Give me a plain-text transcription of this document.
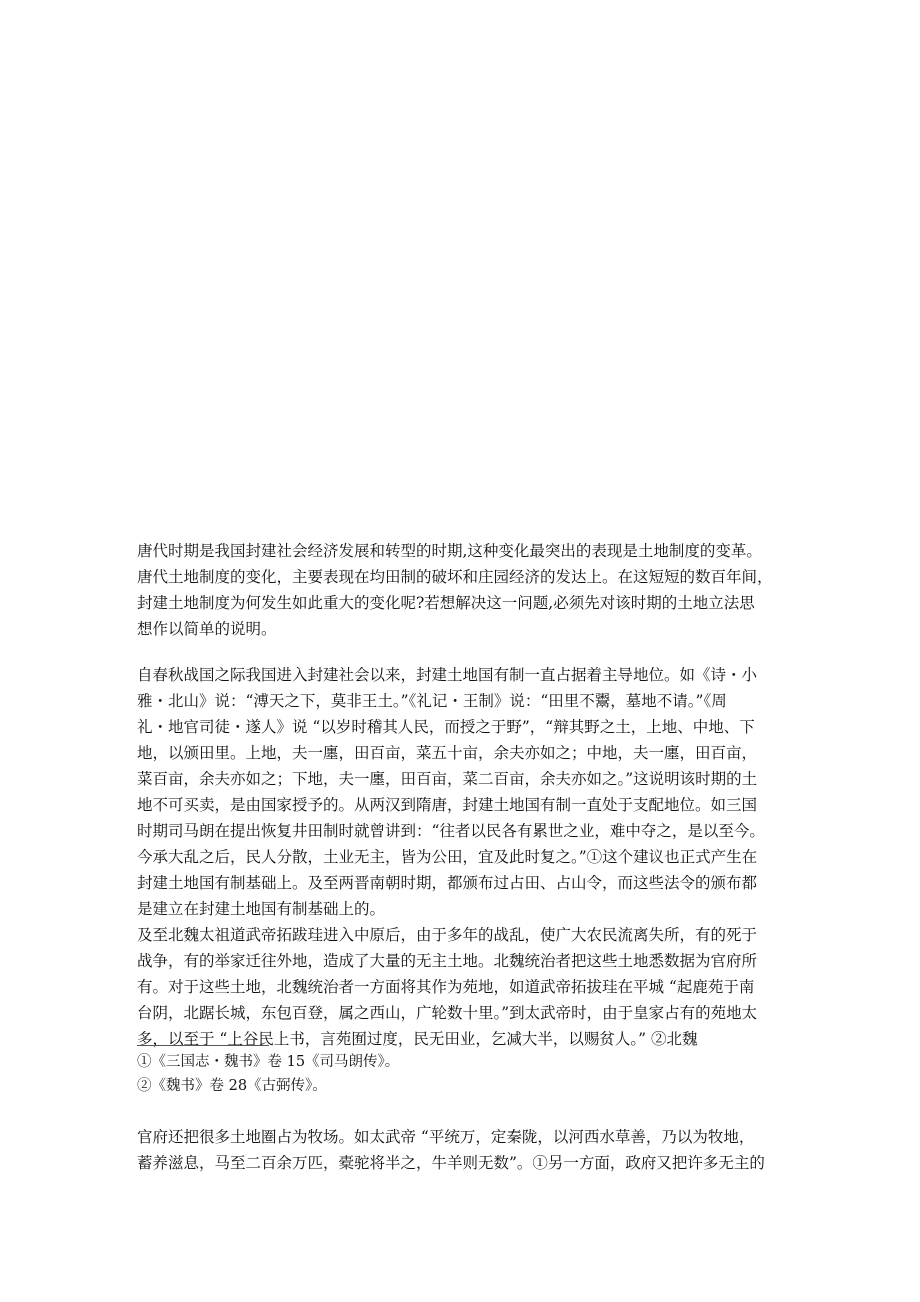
唐代时期是我国封建社会经济发展和转型的时期,这种变化最突出的表现是土地制度的变革。
唐代土地制度的变化，主要表现在均田制的破坏和庄园经济的发达上。在这短短的数百年间，
封建土地制度为何发生如此重大的变化呢?若想解决这一问题,必须先对该时期的土地立法思
想作以简单的说明。
自春秋战国之际我国进入封建社会以来，封建土地国有制一直占据着主导地位。如《诗・小
雅・北山》说：“溥天之下，莫非王土。”《礼记・王制》说：“田里不鬻，墓地不请。”《周
礼・地官司徒・遂人》说 “以岁时稽其人民，而授之于野”，“辩其野之土，上地、中地、下
地，以颁田里。上地，夫一廛，田百亩，菜五十亩，余夫亦如之；中地，夫一廛，田百亩，
菜百亩，余夫亦如之；下地，夫一廛，田百亩，菜二百亩，余夫亦如之。”这说明该时期的土
地不可买卖，是由国家授予的。从两汉到隋唐，封建土地国有制一直处于支配地位。如三国
时期司马朗在提出恢复井田制时就曾讲到：“往者以民各有累世之业，难中夺之，是以至今。
今承大乱之后，民人分散，土业无主，皆为公田，宜及此时复之。”①这个建议也正式产生在
封建土地国有制基础上。及至两晋南朝时期，都颁布过占田、占山令，而这些法令的颁布都
是建立在封建土地国有制基础上的。
及至北魏太祖道武帝拓跋珪进入中原后，由于多年的战乱，使广大农民流离失所，有的死于
战争，有的举家迁往外地，造成了大量的无主土地。北魏统治者把这些土地悉数据为官府所
有。对于这些土地，北魏统治者一方面将其作为苑地，如道武帝拓拔珪在平城 “起鹿苑于南
台阴，北踞长城，东包百登，属之西山，广轮数十里。”到太武帝时，由于皇家占有的苑地太
多，以至于 “上谷民上书，言苑囿过度，民无田业，乞减大半，以赐贫人。” ②北魏
①《三国志・魏书》卷 15《司马朗传》。
②《魏书》卷 28《古弼传》。
官府还把很多土地圈占为牧场。如太武帝 “平统万，定秦陇，以河西水草善，乃以为牧地，
蓄养滋息，马至二百余万匹，橐驼将半之，牛羊则无数”。①另一方面，政府又把许多无主的
